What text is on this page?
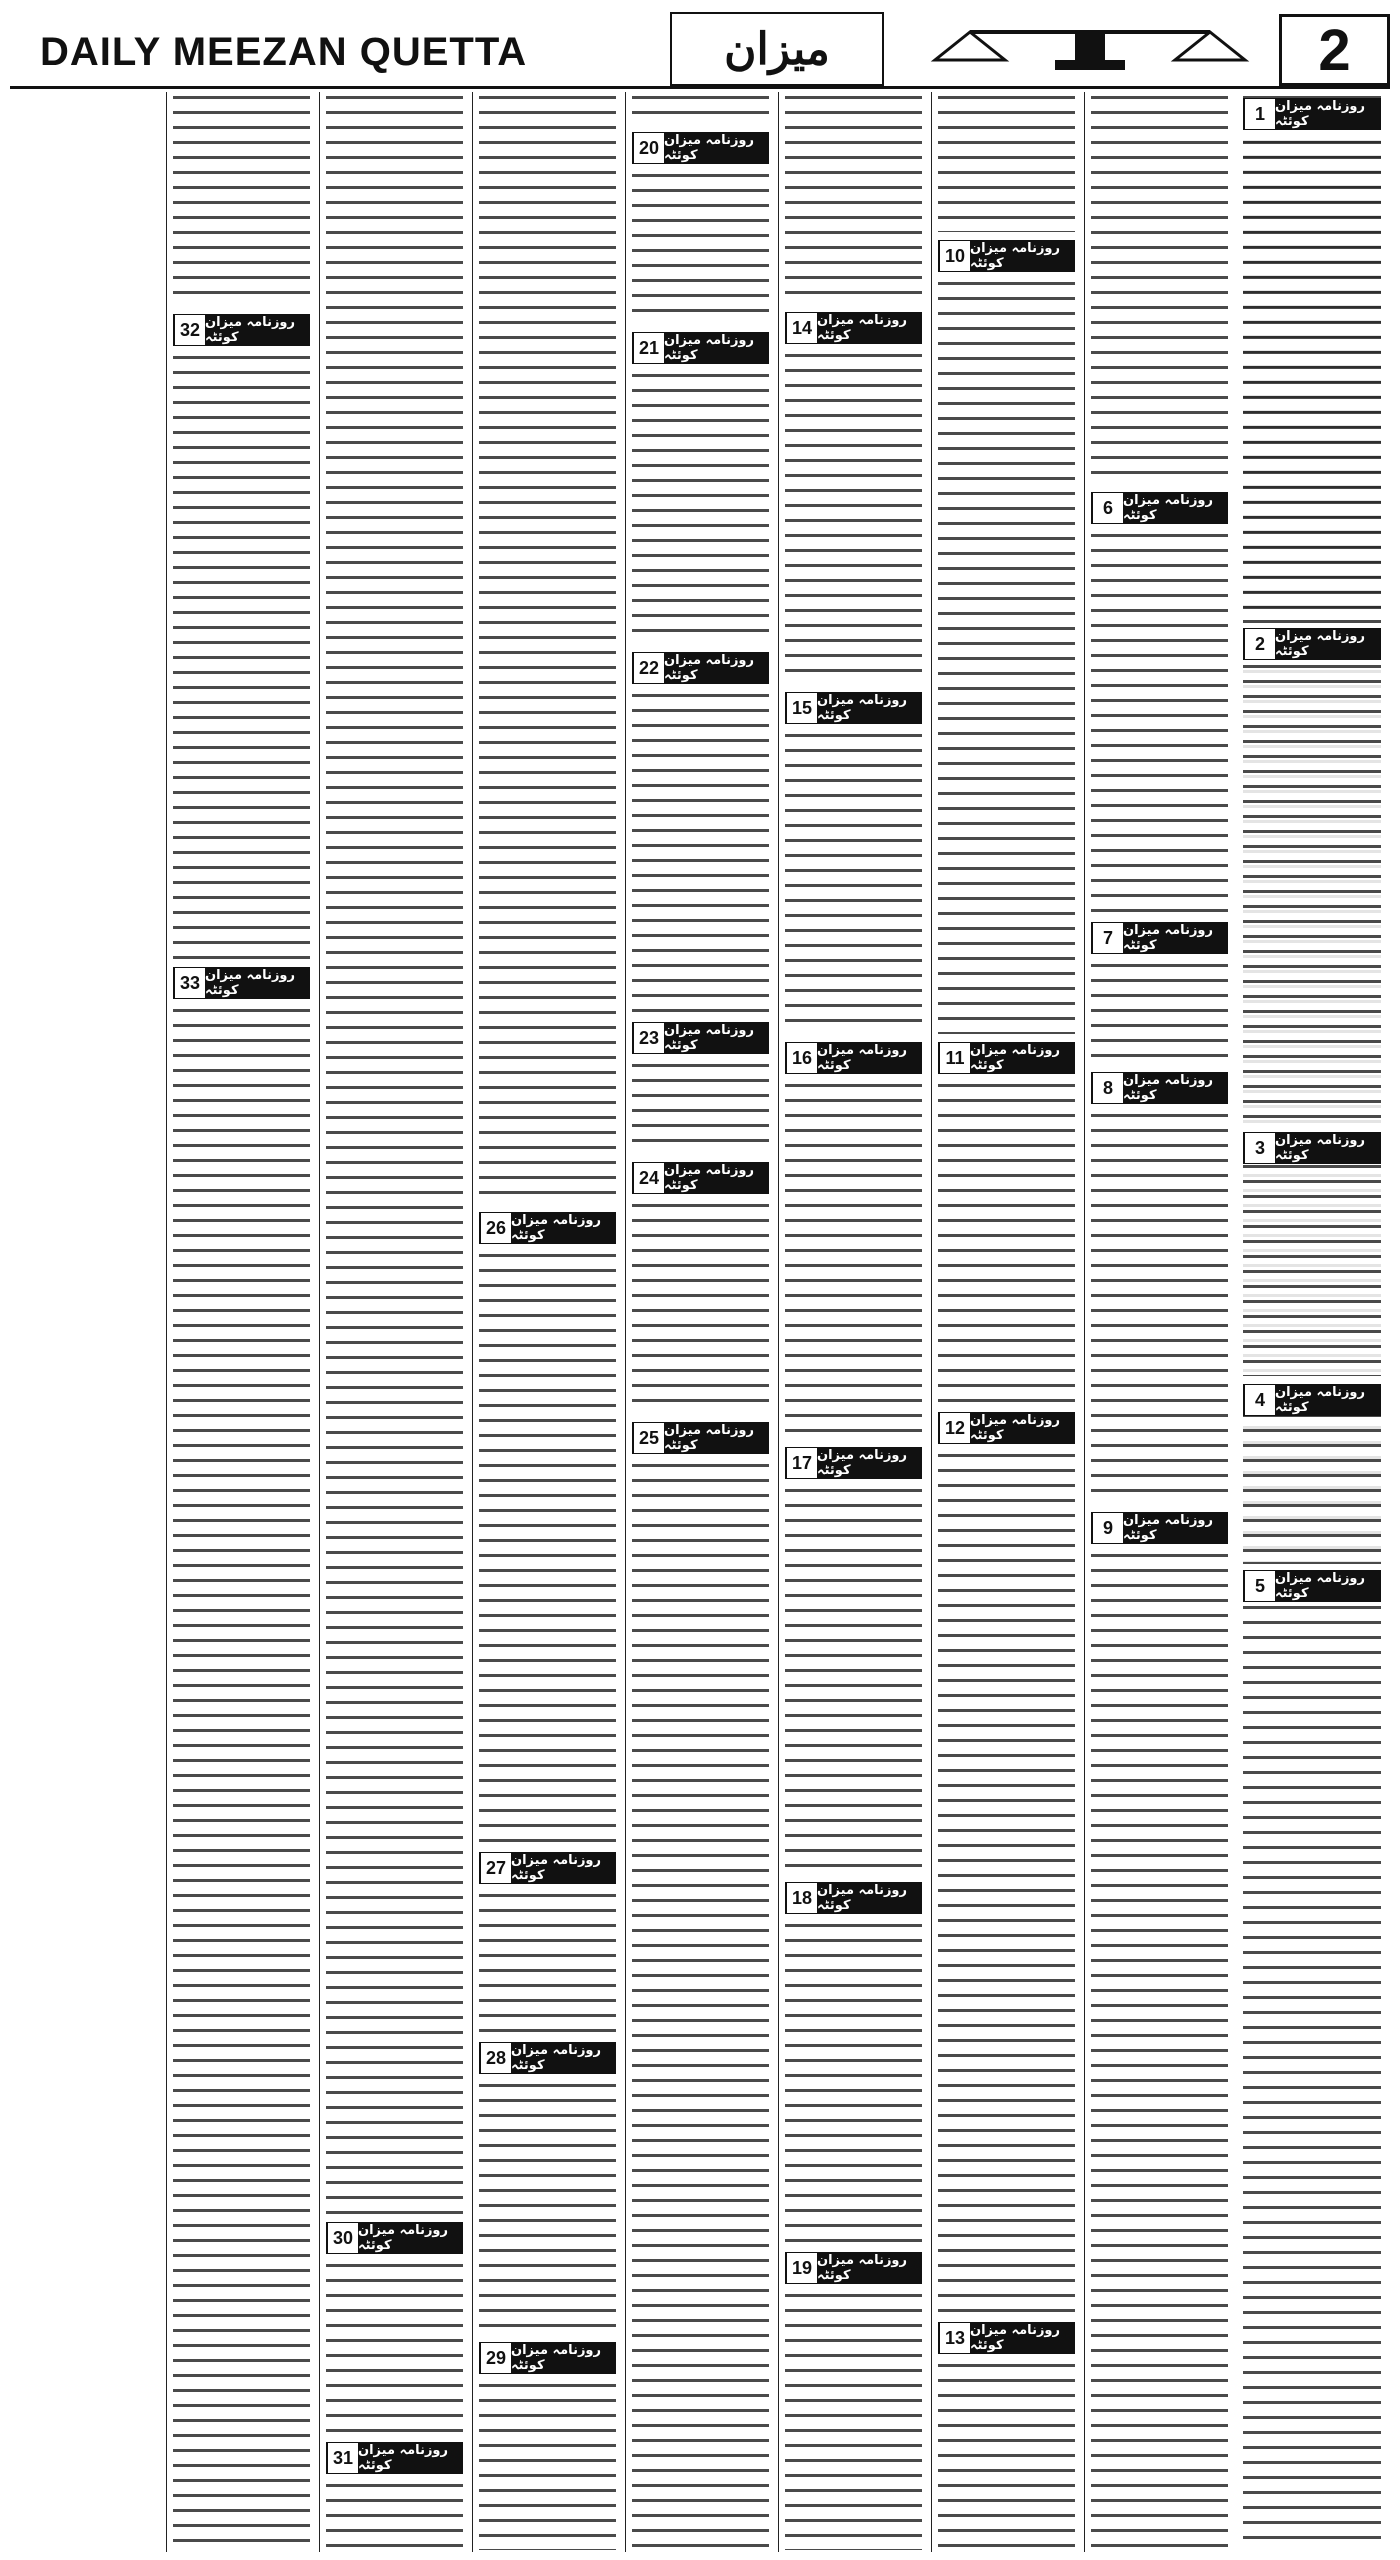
DAILY MEEZAN QUETTA	میزان	2
روزنامہ میزان کوئٹہ
1
روزنامہ میزان کوئٹہ
2
روزنامہ میزان کوئٹہ
3
روزنامہ میزان کوئٹہ
4
روزنامہ میزان کوئٹہ
5
روزنامہ میزان کوئٹہ
6
روزنامہ میزان کوئٹہ
7
روزنامہ میزان کوئٹہ
8
روزنامہ میزان کوئٹہ
9
روزنامہ میزان کوئٹہ
10
روزنامہ میزان کوئٹہ
11
روزنامہ میزان کوئٹہ
12
روزنامہ میزان کوئٹہ
13
روزنامہ میزان کوئٹہ
14
روزنامہ میزان کوئٹہ
15
روزنامہ میزان کوئٹہ
16
روزنامہ میزان کوئٹہ
17
روزنامہ میزان کوئٹہ
18
روزنامہ میزان کوئٹہ
19
روزنامہ میزان کوئٹہ
20
روزنامہ میزان کوئٹہ
21
روزنامہ میزان کوئٹہ
22
روزنامہ میزان کوئٹہ
23
روزنامہ میزان کوئٹہ
24
روزنامہ میزان کوئٹہ
25
روزنامہ میزان کوئٹہ
26
روزنامہ میزان کوئٹہ
27
روزنامہ میزان کوئٹہ
28
روزنامہ میزان کوئٹہ
29
روزنامہ میزان کوئٹہ
30
روزنامہ میزان کوئٹہ
31
روزنامہ میزان کوئٹہ
32
روزنامہ میزان کوئٹہ
33
